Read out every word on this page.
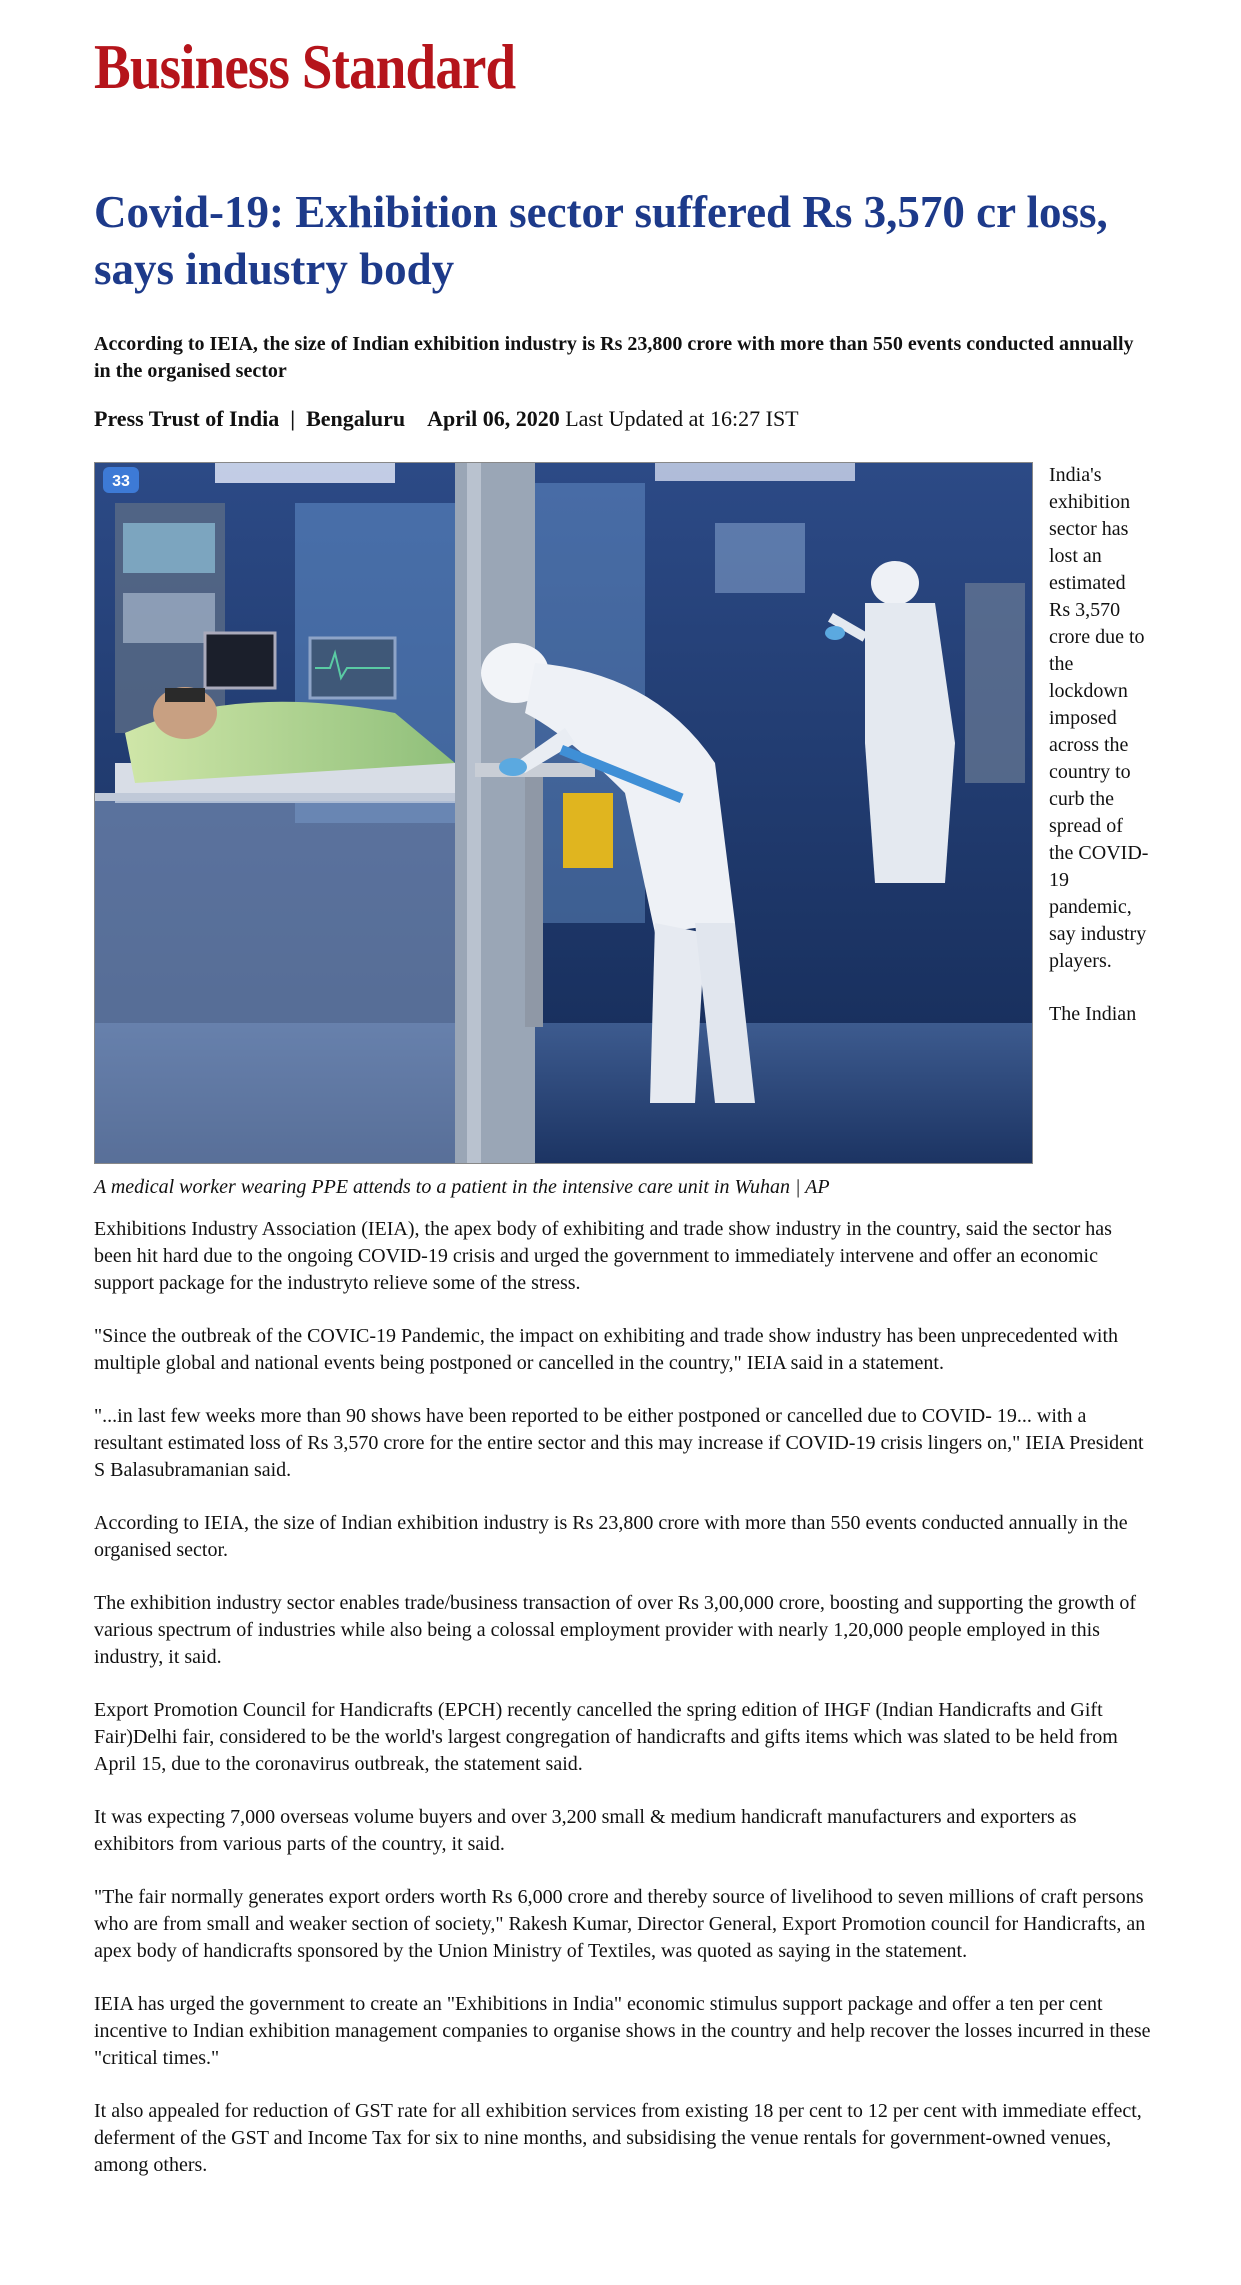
Business Standard
Covid-19: Exhibition sector suffered Rs 3,570 cr loss, says industry body

According to IEIA, the size of Indian exhibition industry is Rs 23,800 crore with more than 550 events conducted annually in the organised sector

Press Trust of India | Bengaluru April 06, 2020 Last Updated at 16:27 IST
33	India's exhibition sector has lost an estimated Rs 3,570 crore due to the lockdown imposed across the country to curb the spread of the COVID-19 pandemic, say industry players.

The Indian

A medical worker wearing PPE attends to a patient in the intensive care unit in Wuhan | AP

Exhibitions Industry Association (IEIA), the apex body of exhibiting and trade show industry in the country, said the sector has been hit hard due to the ongoing COVID-19 crisis and urged the government to immediately intervene and offer an economic support package for the industryto relieve some of the stress.

"Since the outbreak of the COVIC-19 Pandemic, the impact on exhibiting and trade show industry has been unprecedented with multiple global and national events being postponed or cancelled in the country," IEIA said in a statement.

"...in last few weeks more than 90 shows have been reported to be either postponed or cancelled due to COVID- 19... with a resultant estimated loss of Rs 3,570 crore for the entire sector and this may increase if COVID-19 crisis lingers on," IEIA President S Balasubramanian said.

According to IEIA, the size of Indian exhibition industry is Rs 23,800 crore with more than 550 events conducted annually in the organised sector.

The exhibition industry sector enables trade/business transaction of over Rs 3,00,000 crore, boosting and supporting the growth of various spectrum of industries while also being a colossal employment provider with nearly 1,20,000 people employed in this industry, it said.

Export Promotion Council for Handicrafts (EPCH) recently cancelled the spring edition of IHGF (Indian Handicrafts and Gift Fair)Delhi fair, considered to be the world's largest congregation of handicrafts and gifts items which was slated to be held from April 15, due to the coronavirus outbreak, the statement said.

It was expecting 7,000 overseas volume buyers and over 3,200 small & medium handicraft manufacturers and exporters as exhibitors from various parts of the country, it said.

"The fair normally generates export orders worth Rs 6,000 crore and thereby source of livelihood to seven millions of craft persons who are from small and weaker section of society," Rakesh Kumar, Director General, Export Promotion council for Handicrafts, an apex body of handicrafts sponsored by the Union Ministry of Textiles, was quoted as saying in the statement.

IEIA has urged the government to create an "Exhibitions in India" economic stimulus support package and offer a ten per cent incentive to Indian exhibition management companies to organise shows in the country and help recover the losses incurred in these "critical times."

It also appealed for reduction of GST rate for all exhibition services from existing 18 per cent to 12 per cent with immediate effect, deferment of the GST and Income Tax for six to nine months, and subsidising the venue rentals for government-owned venues, among others.
